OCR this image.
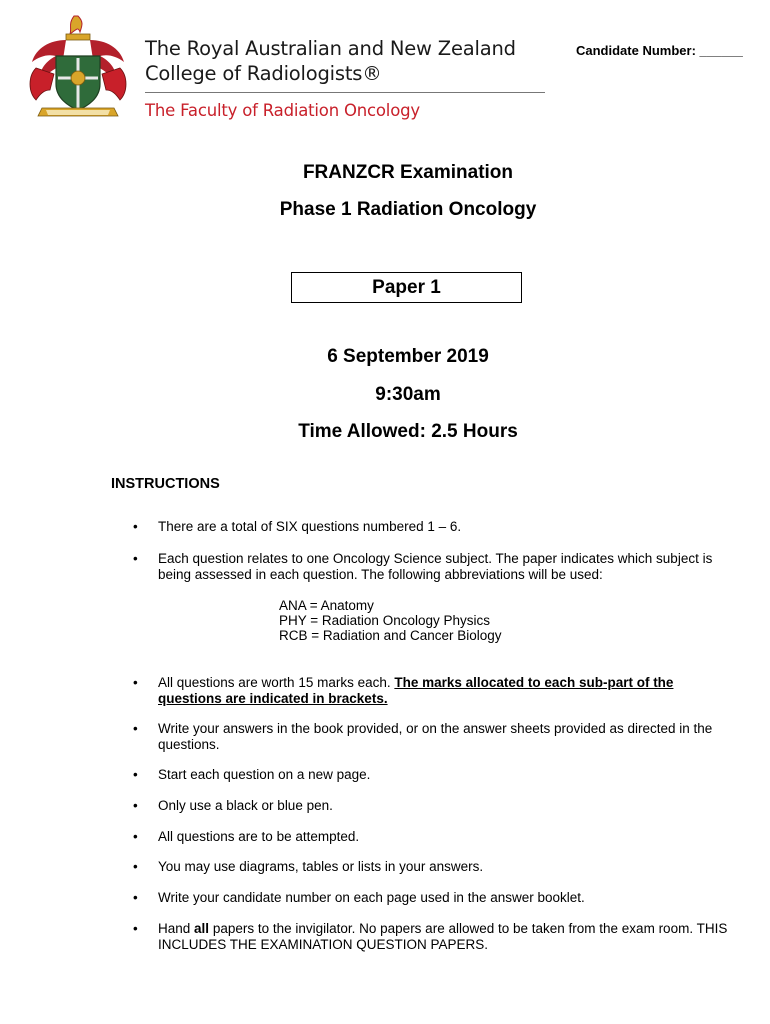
The Royal Australian and New Zealand
College of Radiologists®
The Faculty of Radiation Oncology
Candidate Number: ______
FRANZCR Examination
Phase 1 Radiation Oncology
Paper 1
6 September 2019
9:30am
Time Allowed: 2.5 Hours
INSTRUCTIONS
• There are a total of SIX questions numbered 1 – 6.
• Each question relates to one Oncology Science subject. The paper indicates which subject is being assessed in each question. The following abbreviations will be used:
ANA = Anatomy
PHY = Radiation Oncology Physics
RCB = Radiation and Cancer Biology
• All questions are worth 15 marks each. The marks allocated to each sub-part of the questions are indicated in brackets.
• Write your answers in the book provided, or on the answer sheets provided as directed in the questions.
• Start each question on a new page.
• Only use a black or blue pen.
• All questions are to be attempted.
• You may use diagrams, tables or lists in your answers.
• Write your candidate number on each page used in the answer booklet.
• Hand all papers to the invigilator. No papers are allowed to be taken from the exam room. THIS INCLUDES THE EXAMINATION QUESTION PAPERS.
